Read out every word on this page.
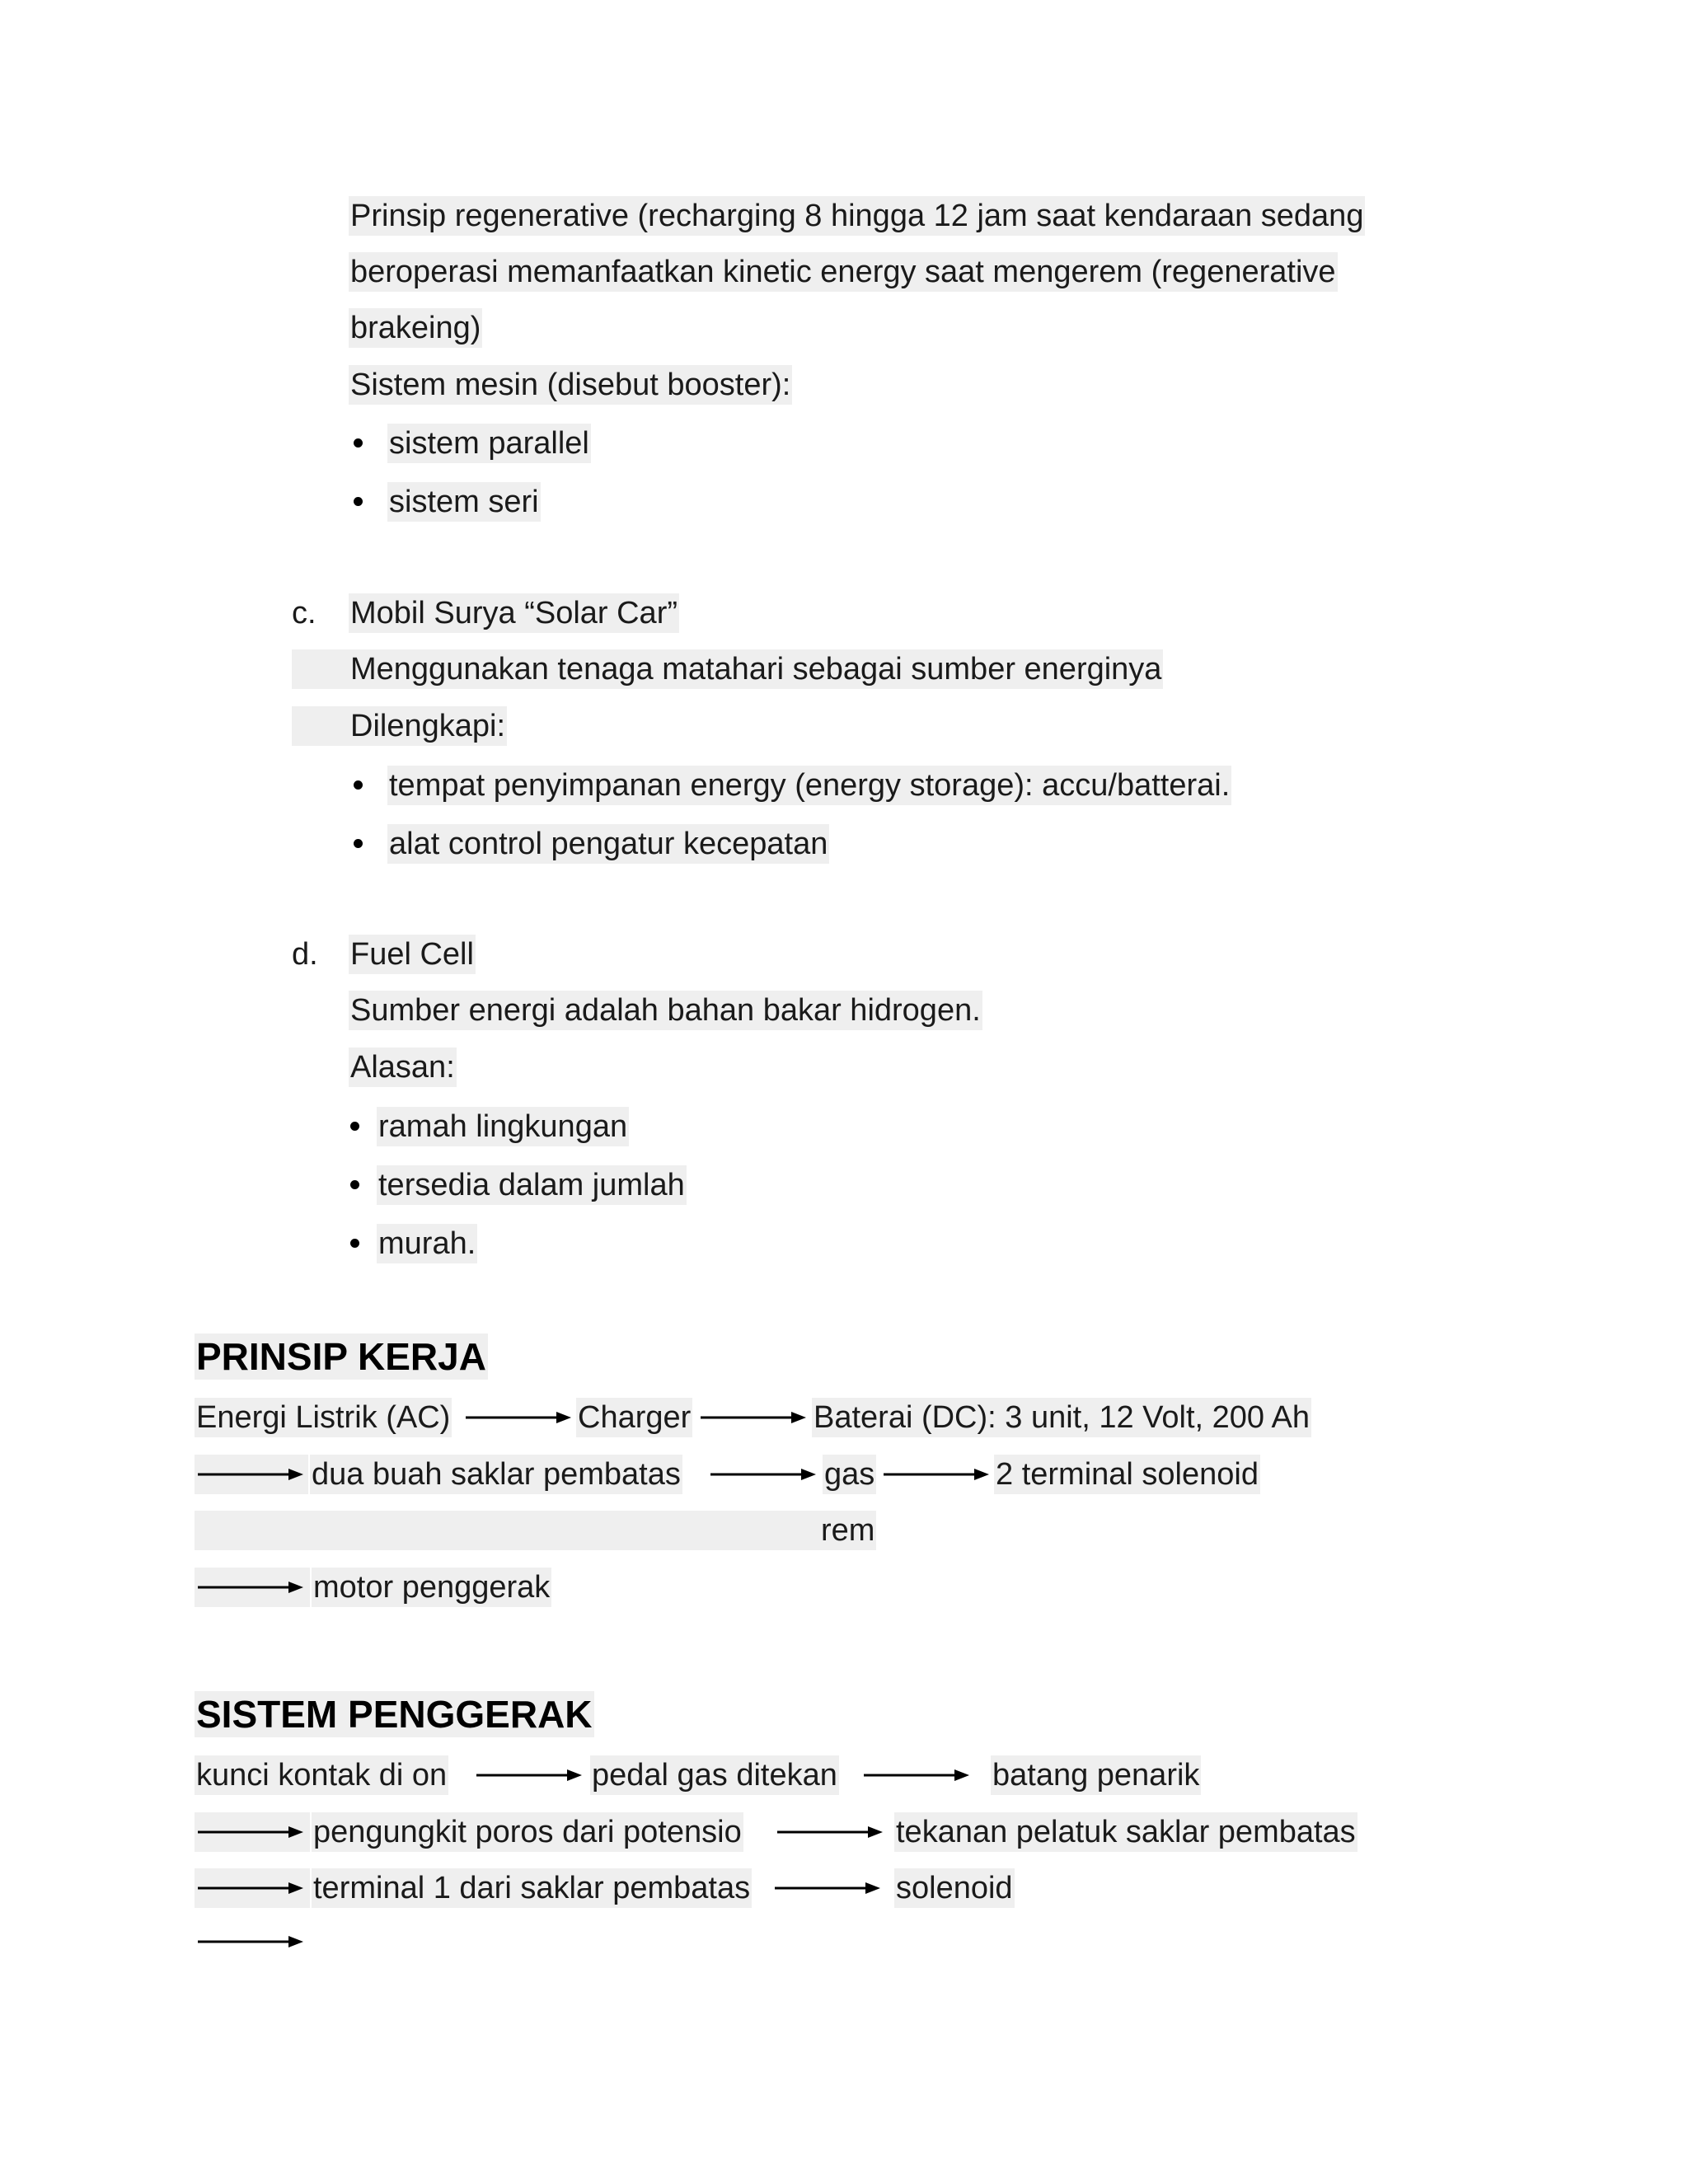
Prinsip regenerative (recharging 8 hingga 12 jam saat kendaraan sedang
beroperasi memanfaatkan kinetic energy saat mengerem (regenerative
brakeing)
Sistem mesin (disebut booster):
sistem parallel
sistem seri
c. Mobil Surya “Solar Car”
Menggunakan tenaga matahari sebagai sumber energinya
Dilengkapi:
tempat penyimpanan energy (energy storage): accu/batterai.
alat control pengatur kecepatan
d. Fuel Cell
Sumber energi adalah bahan bakar hidrogen.
Alasan:
ramah lingkungan
tersedia dalam jumlah
murah.
PRINSIP KERJA
Energi Listrik (AC)	Charger	Baterai (DC): 3 unit, 12 Volt, 200 Ah
dua buah saklar pembatas	gas	2 terminal solenoid
rem
motor penggerak
SISTEM PENGGERAK
kunci kontak di on	pedal gas ditekan	batang penarik
pengungkit poros dari potensio	tekanan pelatuk saklar pembatas
terminal 1 dari saklar pembatas	solenoid
